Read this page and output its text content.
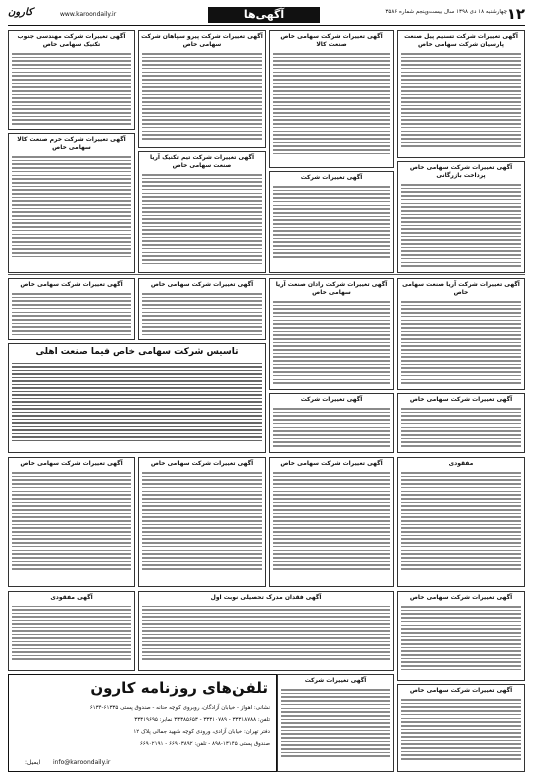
۱۲
چهارشنبه ۱۸ دی ۱۳۹۸ سال بیست‌وپنجم شماره ۳۵۸۶
آگهی‌ها
www.karoondaily.ir
کارون
آگهی تغییرات شرکت تسنیم پیل صنعت پارسیان شرکت سهامی خاص
آگهی تغییرات شرکت سهامی خاص پرداخت بازرگانی
آگهی تغییرات شرکت سهامی خاص صنعت کالا
آگهی تغییرات شرکت
آگهی تغییرات شرکت پیرو سپاهان شرکت سهامی خاص
آگهی تغییرات شرکت تیم تکنیک آریا صنعت سهامی خاص
آگهی تغییرات شرکت مهندسی جنوب تکنیک سهامی خاص
آگهی تغییرات شرکت خرم صنعت کالا سهامی خاص
آگهی تغییرات شرکت آریا صنعت سهامی خاص
آگهی تغییرات شرکت رادان صنعت آریا سهامی خاص
آگهی تغییرات شرکت سهامی خاص
تاسیس شرکت سهامی خاص فیما صنعت اهلی
آگهی تغییرات شرکت سهامی خاص
آگهی تغییرات شرکت سهامی خاص
آگهی تغییرات شرکت
مفقودی
آگهی تغییرات شرکت سهامی خاص
آگهی تغییرات شرکت سهامی خاص
آگهی تغییرات شرکت سهامی خاص
آگهی فقدان مدرک تحصیلی نوبت اول
آگهی مفقودی	آگهی تغییرات شرکت سهامی خاص
آگهی تغییرات شرکت سهامی خاص
آگهی تغییرات شرکت
تلفن‌های روزنامه کارون
نشانی: اهواز - خیابان آزادگان، روبروی کوچه حنانه - صندوق پستی ۶۱۳۳۵-۶۱۳۴
تلفن: ۳۳۳۱۸۷۸۸ - ۳۳۳۱۰۷۸۹ - ۳۳۳۸۵۶۵۳ نمابر: ۳۳۳۱۹۶۹۵
دفتر تهران: خیابان آزادی، ورودی کوچه شهید جمالی پلاک ۱۲
صندوق پستی ۱۳۱۴۵-۸۹۸ - تلفن: ۶۶۹۰۳۸۹۲ - ۶۶۹۰۲۱۹۱
ایمیل: info@karoondaily.ir
